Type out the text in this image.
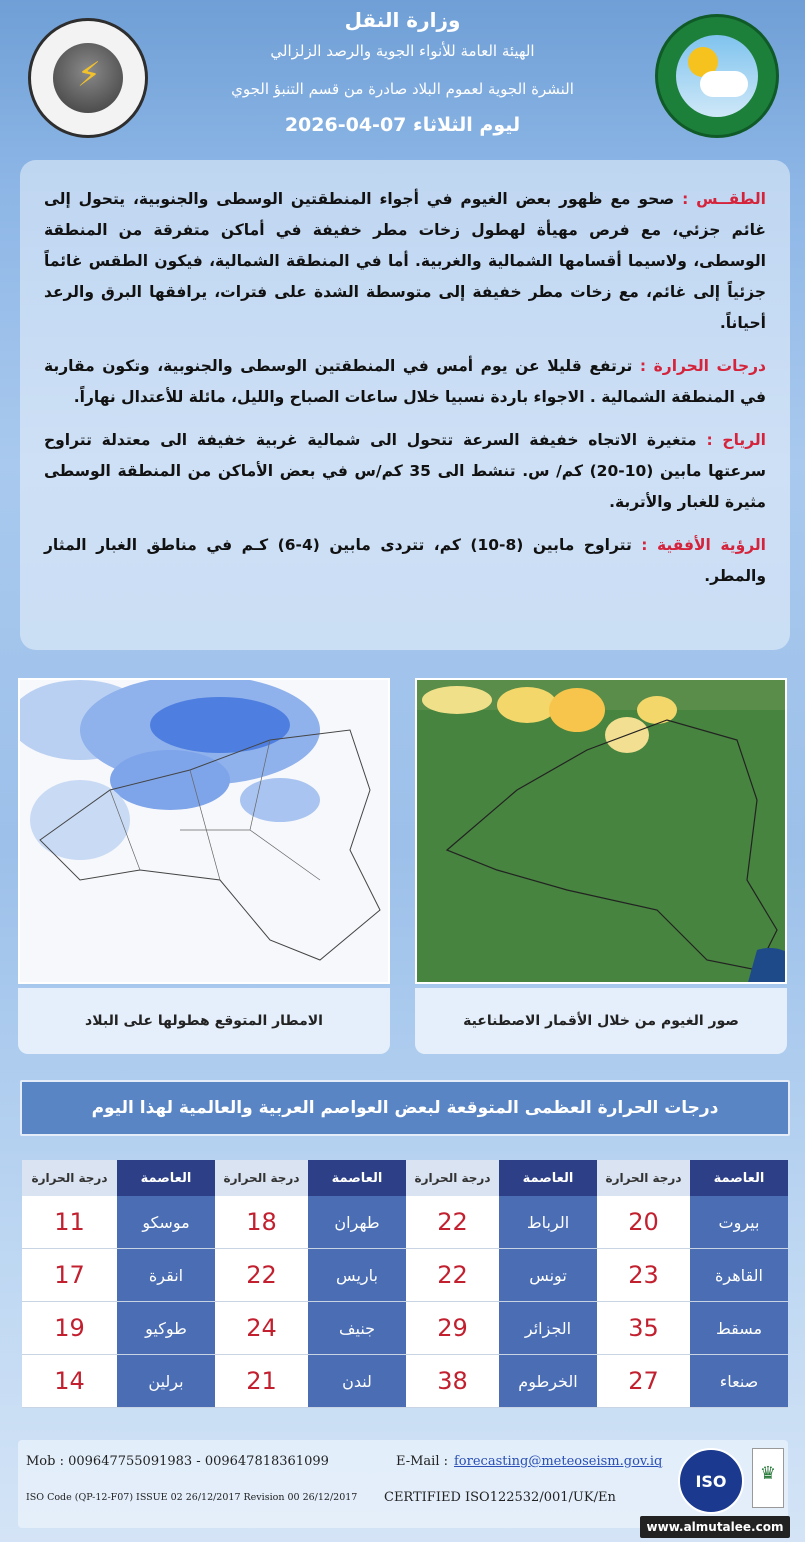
⚡
وزارة النقل
الهيئة العامة للأنواء الجوية والرصد الزلزالي
النشرة الجوية لعموم البلاد صادرة من قسم التنبؤ الجوي
ليوم الثلاثاء 07-04-2026

الطقــس : صحو مع ظهور بعض الغيوم في أجواء المنطقتين الوسطى والجنوبية، يتحول إلى غائم جزئي، مع فرص مهيأة لهطول زخات مطر خفيفة في أماكن متفرقة من المنطقة الوسطى، ولاسيما أقسامها الشمالية والغربية. أما في المنطقة الشمالية، فيكون الطقس غائماً جزئياً إلى غائم، مع زخات مطر خفيفة إلى متوسطة الشدة على فترات، يرافقها البرق والرعد أحياناً.

درجات الحرارة : ترتفع قليلا عن يوم أمس في المنطقتين الوسطى والجنوبية، وتكون مقاربة في المنطقة الشمالية . الاجواء باردة نسبيا خلال ساعات الصباح والليل، مائلة للأعتدال نهاراً.

الرياح : متغيرة الاتجاه خفيفة السرعة تتحول الى شمالية غربية خفيفة الى معتدلة تتراوح سرعتها مابين (10-20) كم/ س. تنشط الى 35 كم/س في بعض الأماكن من المنطقة الوسطى مثيرة للغبار والأتربة.

الرؤية الأفقية : تتراوح مابين (8-10) كم، تتردى مابين (4-6) كـم في مناطق الغبار المثار والمطر.

الامطار المتوقع هطولها على البلاد	صور الغيوم من خلال الأقمار الاصطناعية
درجات الحرارة العظمى المتوقعة لبعض العواصم العربية والعالمية لهذا اليوم
العاصمة	درجة الحرارة	العاصمة	درجة الحرارة	العاصمة	درجة الحرارة	العاصمة	درجة الحرارة
بيروت	20	الرباط	22	طهران	18	موسكو	11
القاهرة	23	تونس	22	باريس	22	انقرة	17
مسقط	35	الجزائر	29	جنيف	24	طوكيو	19
صنعاء	27	الخرطوم	38	لندن	21	برلين	14
Mob : 009647755091983 - 009647818361099
ISO Code (QP-12-F07) ISSUE 02 26/12/2017 Revision 00 26/12/2017
E-Mail : forecasting@meteoseism.gov.iq
CERTIFIED ISO122532/001/UK/En
ISO	♛
www.almutalee.com
